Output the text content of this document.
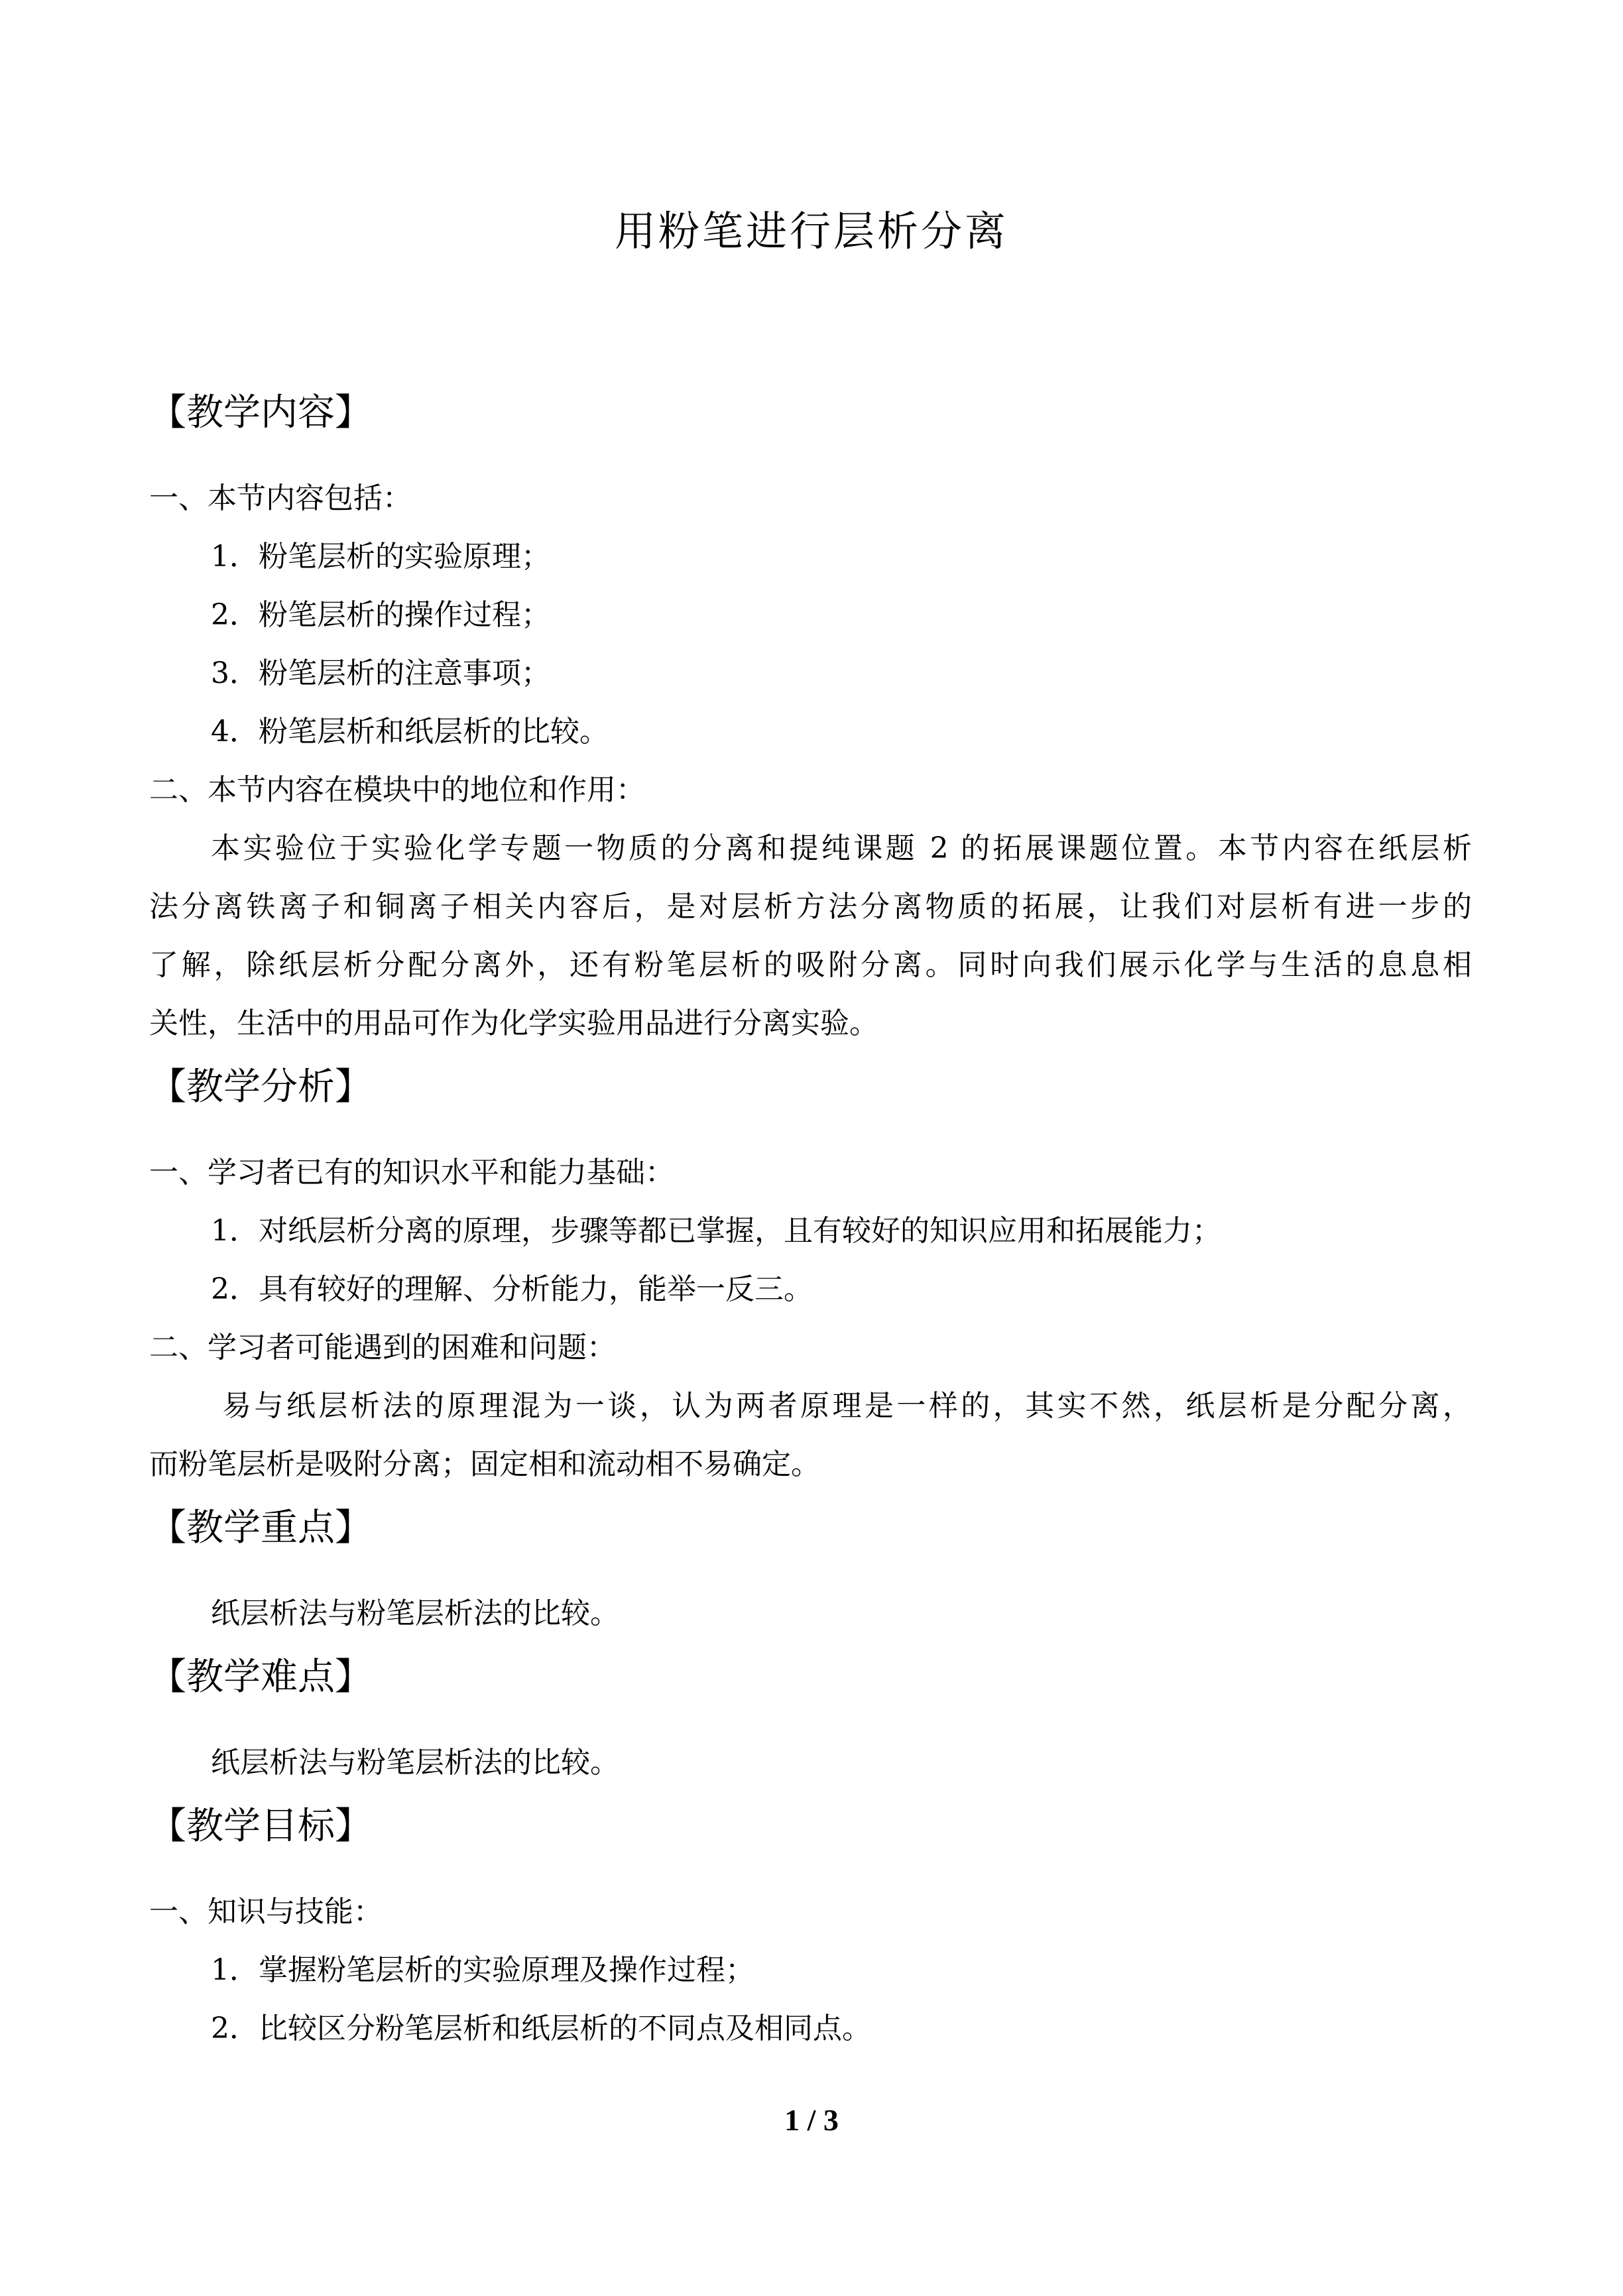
用粉笔进行层析分离
【教学内容】
一、本节内容包括：
1．粉笔层析的实验原理；
2．粉笔层析的操作过程；
3．粉笔层析的注意事项；
4．粉笔层析和纸层析的比较。
二、本节内容在模块中的地位和作用：
本实验位于实验化学专题一物质的分离和提纯课题 2 的拓展课题位置。本节内容在纸层析
法分离铁离子和铜离子相关内容后，是对层析方法分离物质的拓展，让我们对层析有进一步的
了解，除纸层析分配分离外，还有粉笔层析的吸附分离。同时向我们展示化学与生活的息息相
关性，生活中的用品可作为化学实验用品进行分离实验。
【教学分析】
一、学习者已有的知识水平和能力基础：
1．对纸层析分离的原理，步骤等都已掌握，且有较好的知识应用和拓展能力；
2．具有较好的理解、分析能力，能举一反三。
二、学习者可能遇到的困难和问题：
易与纸层析法的原理混为一谈，认为两者原理是一样的，其实不然，纸层析是分配分离，
而粉笔层析是吸附分离；固定相和流动相不易确定。
【教学重点】
纸层析法与粉笔层析法的比较。
【教学难点】
纸层析法与粉笔层析法的比较。
【教学目标】
一、知识与技能：
1．掌握粉笔层析的实验原理及操作过程；
2．比较区分粉笔层析和纸层析的不同点及相同点。
1 / 3
